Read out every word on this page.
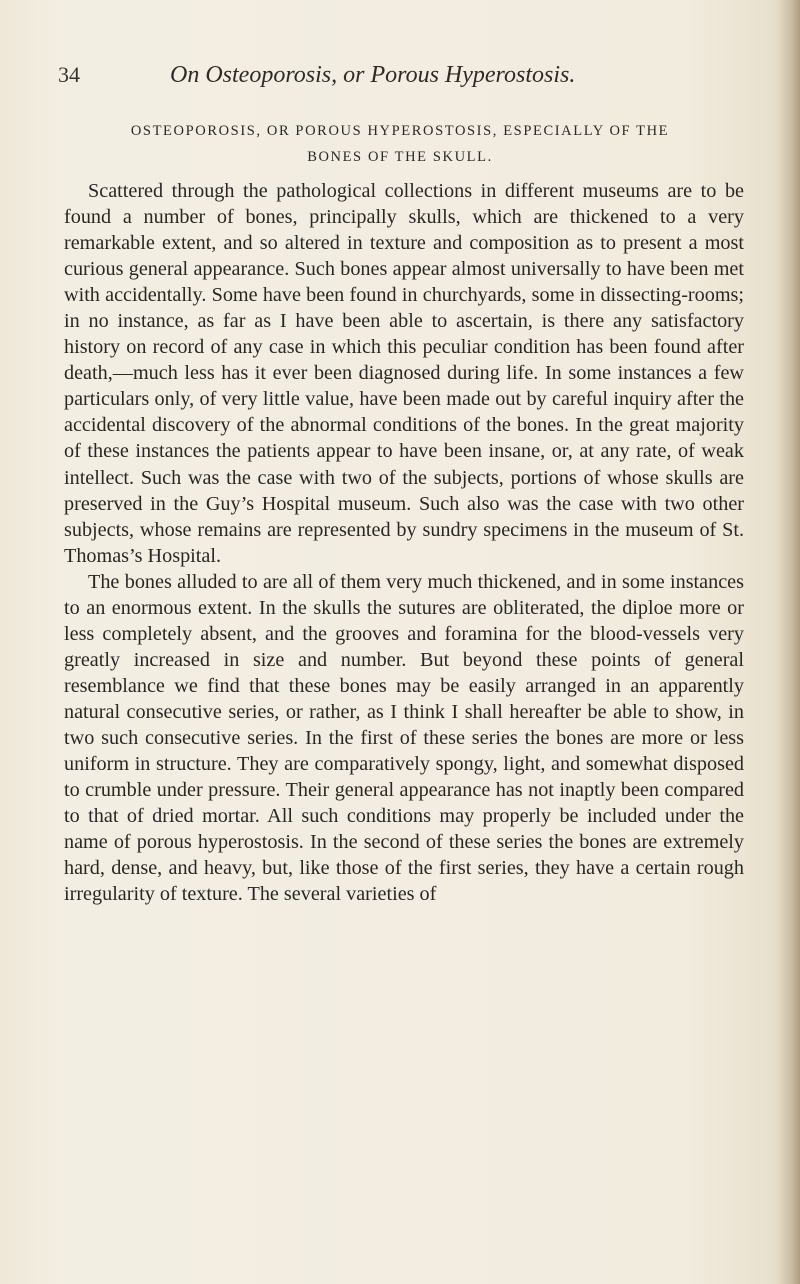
34	On Osteoporosis, or Porous Hyperostosis.
OSTEOPOROSIS, OR POROUS HYPEROSTOSIS, ESPECIALLY OF THE
BONES OF THE SKULL.

Scattered through the pathological collections in different museums are to be found a number of bones, principally skulls, which are thickened to a very remarkable extent, and so altered in texture and composition as to present a most curious general appearance. Such bones appear almost universally to have been met with accidentally. Some have been found in churchyards, some in dissecting-rooms; in no instance, as far as I have been able to ascertain, is there any satisfactory history on record of any case in which this peculiar condition has been found after death,—much less has it ever been diagnosed during life. In some instances a few particulars only, of very little value, have been made out by careful inquiry after the accidental discovery of the abnormal conditions of the bones. In the great majority of these instances the patients appear to have been insane, or, at any rate, of weak intellect. Such was the case with two of the subjects, portions of whose skulls are preserved in the Guy’s Hospital museum. Such also was the case with two other subjects, whose remains are represented by sundry specimens in the museum of St. Thomas’s Hospital.

The bones alluded to are all of them very much thickened, and in some instances to an enormous extent. In the skulls the sutures are obliterated, the diploe more or less completely absent, and the grooves and foramina for the blood-vessels very greatly increased in size and number. But beyond these points of general resemblance we find that these bones may be easily arranged in an apparently natural consecutive series, or rather, as I think I shall hereafter be able to show, in two such consecutive series. In the first of these series the bones are more or less uniform in structure. They are comparatively spongy, light, and somewhat disposed to crumble under pressure. Their general appearance has not inaptly been compared to that of dried mortar. All such conditions may properly be included under the name of porous hyperostosis. In the second of these series the bones are extremely hard, dense, and heavy, but, like those of the first series, they have a certain rough irregularity of texture. The several varieties of
